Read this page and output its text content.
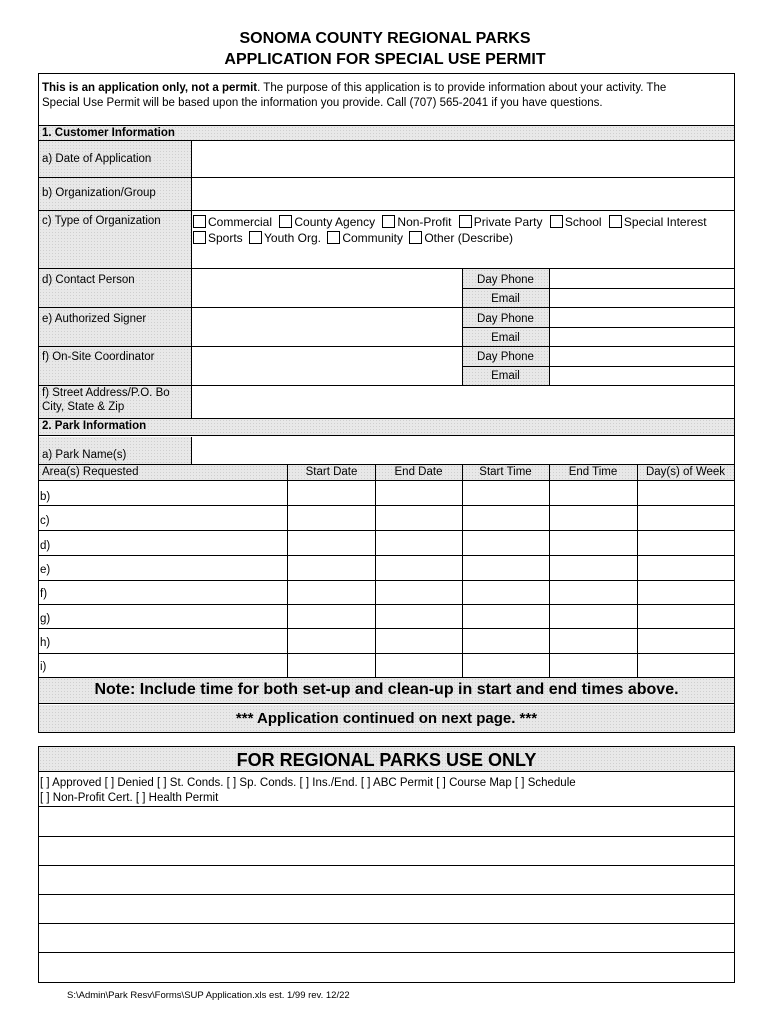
SONOMA COUNTY REGIONAL PARKS
APPLICATION FOR SPECIAL USE PERMIT
This is an application only, not a permit. The purpose of this application is to provide information about your activity. The
Special Use Permit will be based upon the information you provide. Call (707) 565-2041 if you have questions.
1. Customer Information
a) Date of Application
b) Organization/Group
c) Type of Organization	Commercial County Agency Non-Profit Private Party School Special Interest
Sports Youth Org. Community Other (Describe)
d) Contact Person	Day Phone
Email
e) Authorized Signer	Day Phone
Email
f) On-Site Coordinator	Day Phone
Email
f) Street Address/P.O. Bo
City, State & Zip
2. Park Information
a) Park Name(s)
Area(s) Requested	Start Date	End Date	Start Time	End Time	Day(s) of Week
b)
c)
d)
e)
f)
g)
h)
i)
Note: Include time for both set-up and clean-up in start and end times above.
*** Application continued on next page. ***
FOR REGIONAL PARKS USE ONLY
[ ] Approved [ ] Denied [ ] St. Conds. [ ] Sp. Conds. [ ] Ins./End. [ ] ABC Permit [ ] Course Map [ ] Schedule
[ ] Non-Profit Cert. [ ] Health Permit
S:\Admin\Park Resv\Forms\SUP Application.xls est. 1/99 rev. 12/22
